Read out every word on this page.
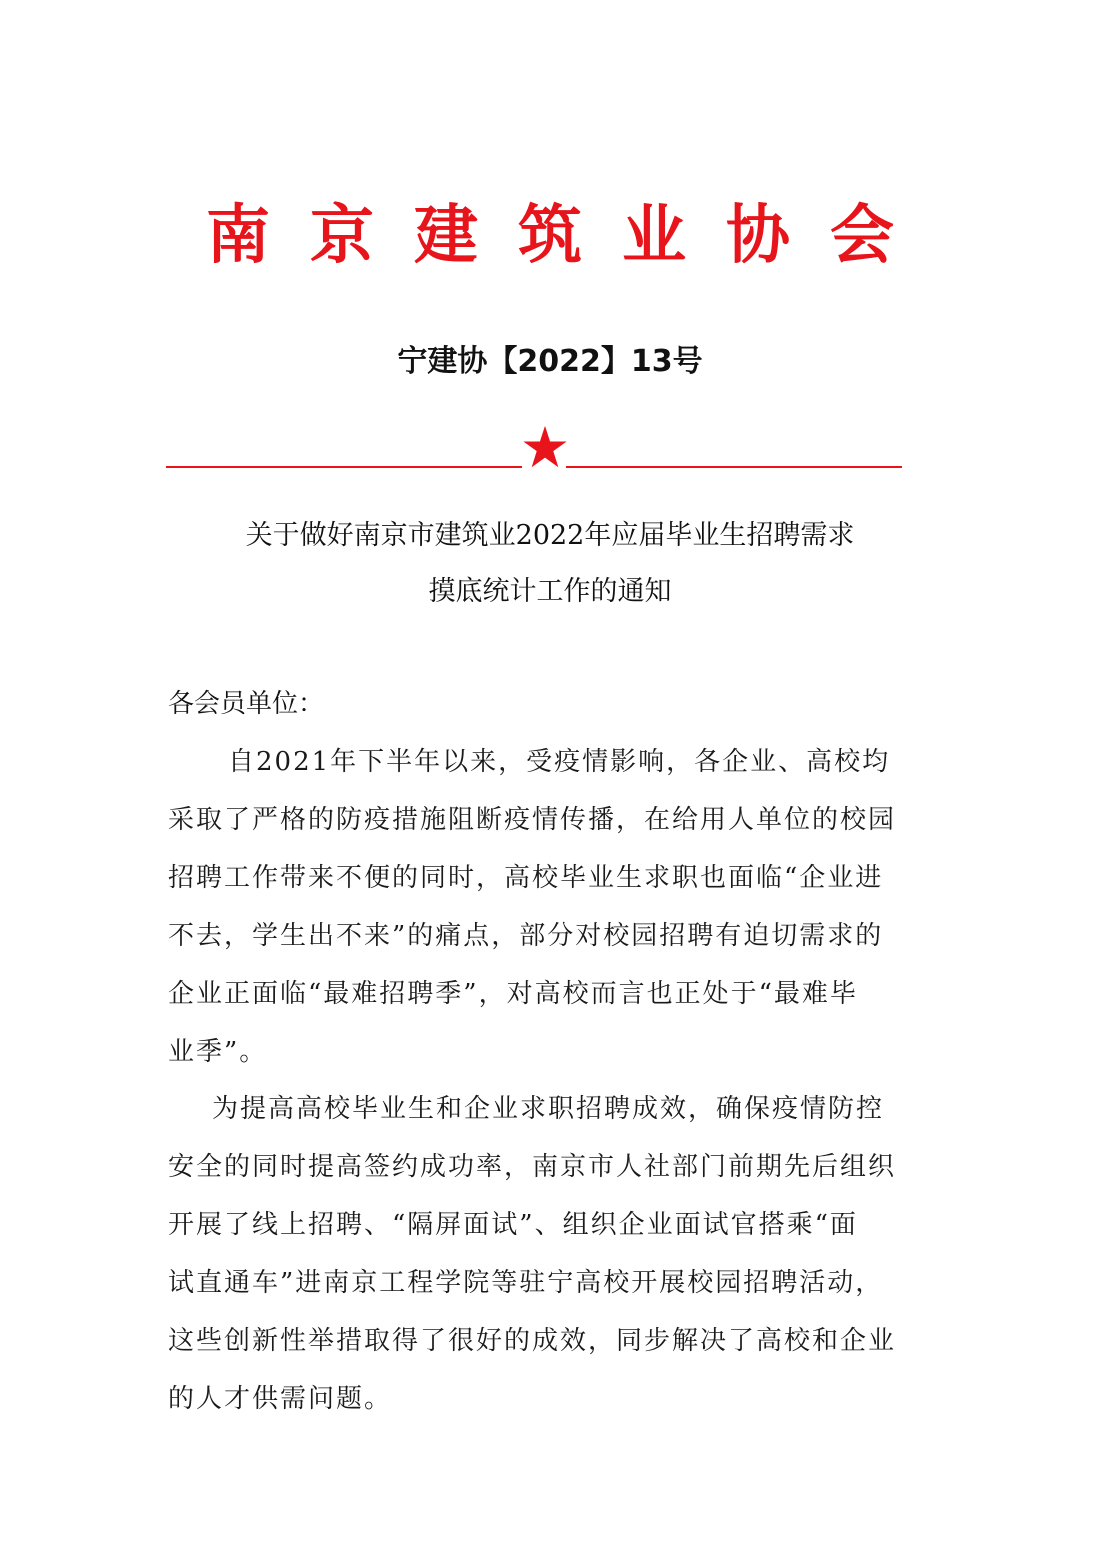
南京建筑业协会
宁建协【2022】13号
关于做好南京市建筑业2022年应届毕业生招聘需求
摸底统计工作的通知
各会员单位：
自2021年下半年以来，受疫情影响，各企业、高校均
采取了严格的防疫措施阻断疫情传播，在给用人单位的校园
招聘工作带来不便的同时，高校毕业生求职也面临“企业进
不去，学生出不来”的痛点，部分对校园招聘有迫切需求的
企业正面临“最难招聘季”，对高校而言也正处于“最难毕
业季”。
为提高高校毕业生和企业求职招聘成效，确保疫情防控
安全的同时提高签约成功率，南京市人社部门前期先后组织
开展了线上招聘、“隔屏面试”、组织企业面试官搭乘“面
试直通车”进南京工程学院等驻宁高校开展校园招聘活动，
这些创新性举措取得了很好的成效，同步解决了高校和企业
的人才供需问题。
